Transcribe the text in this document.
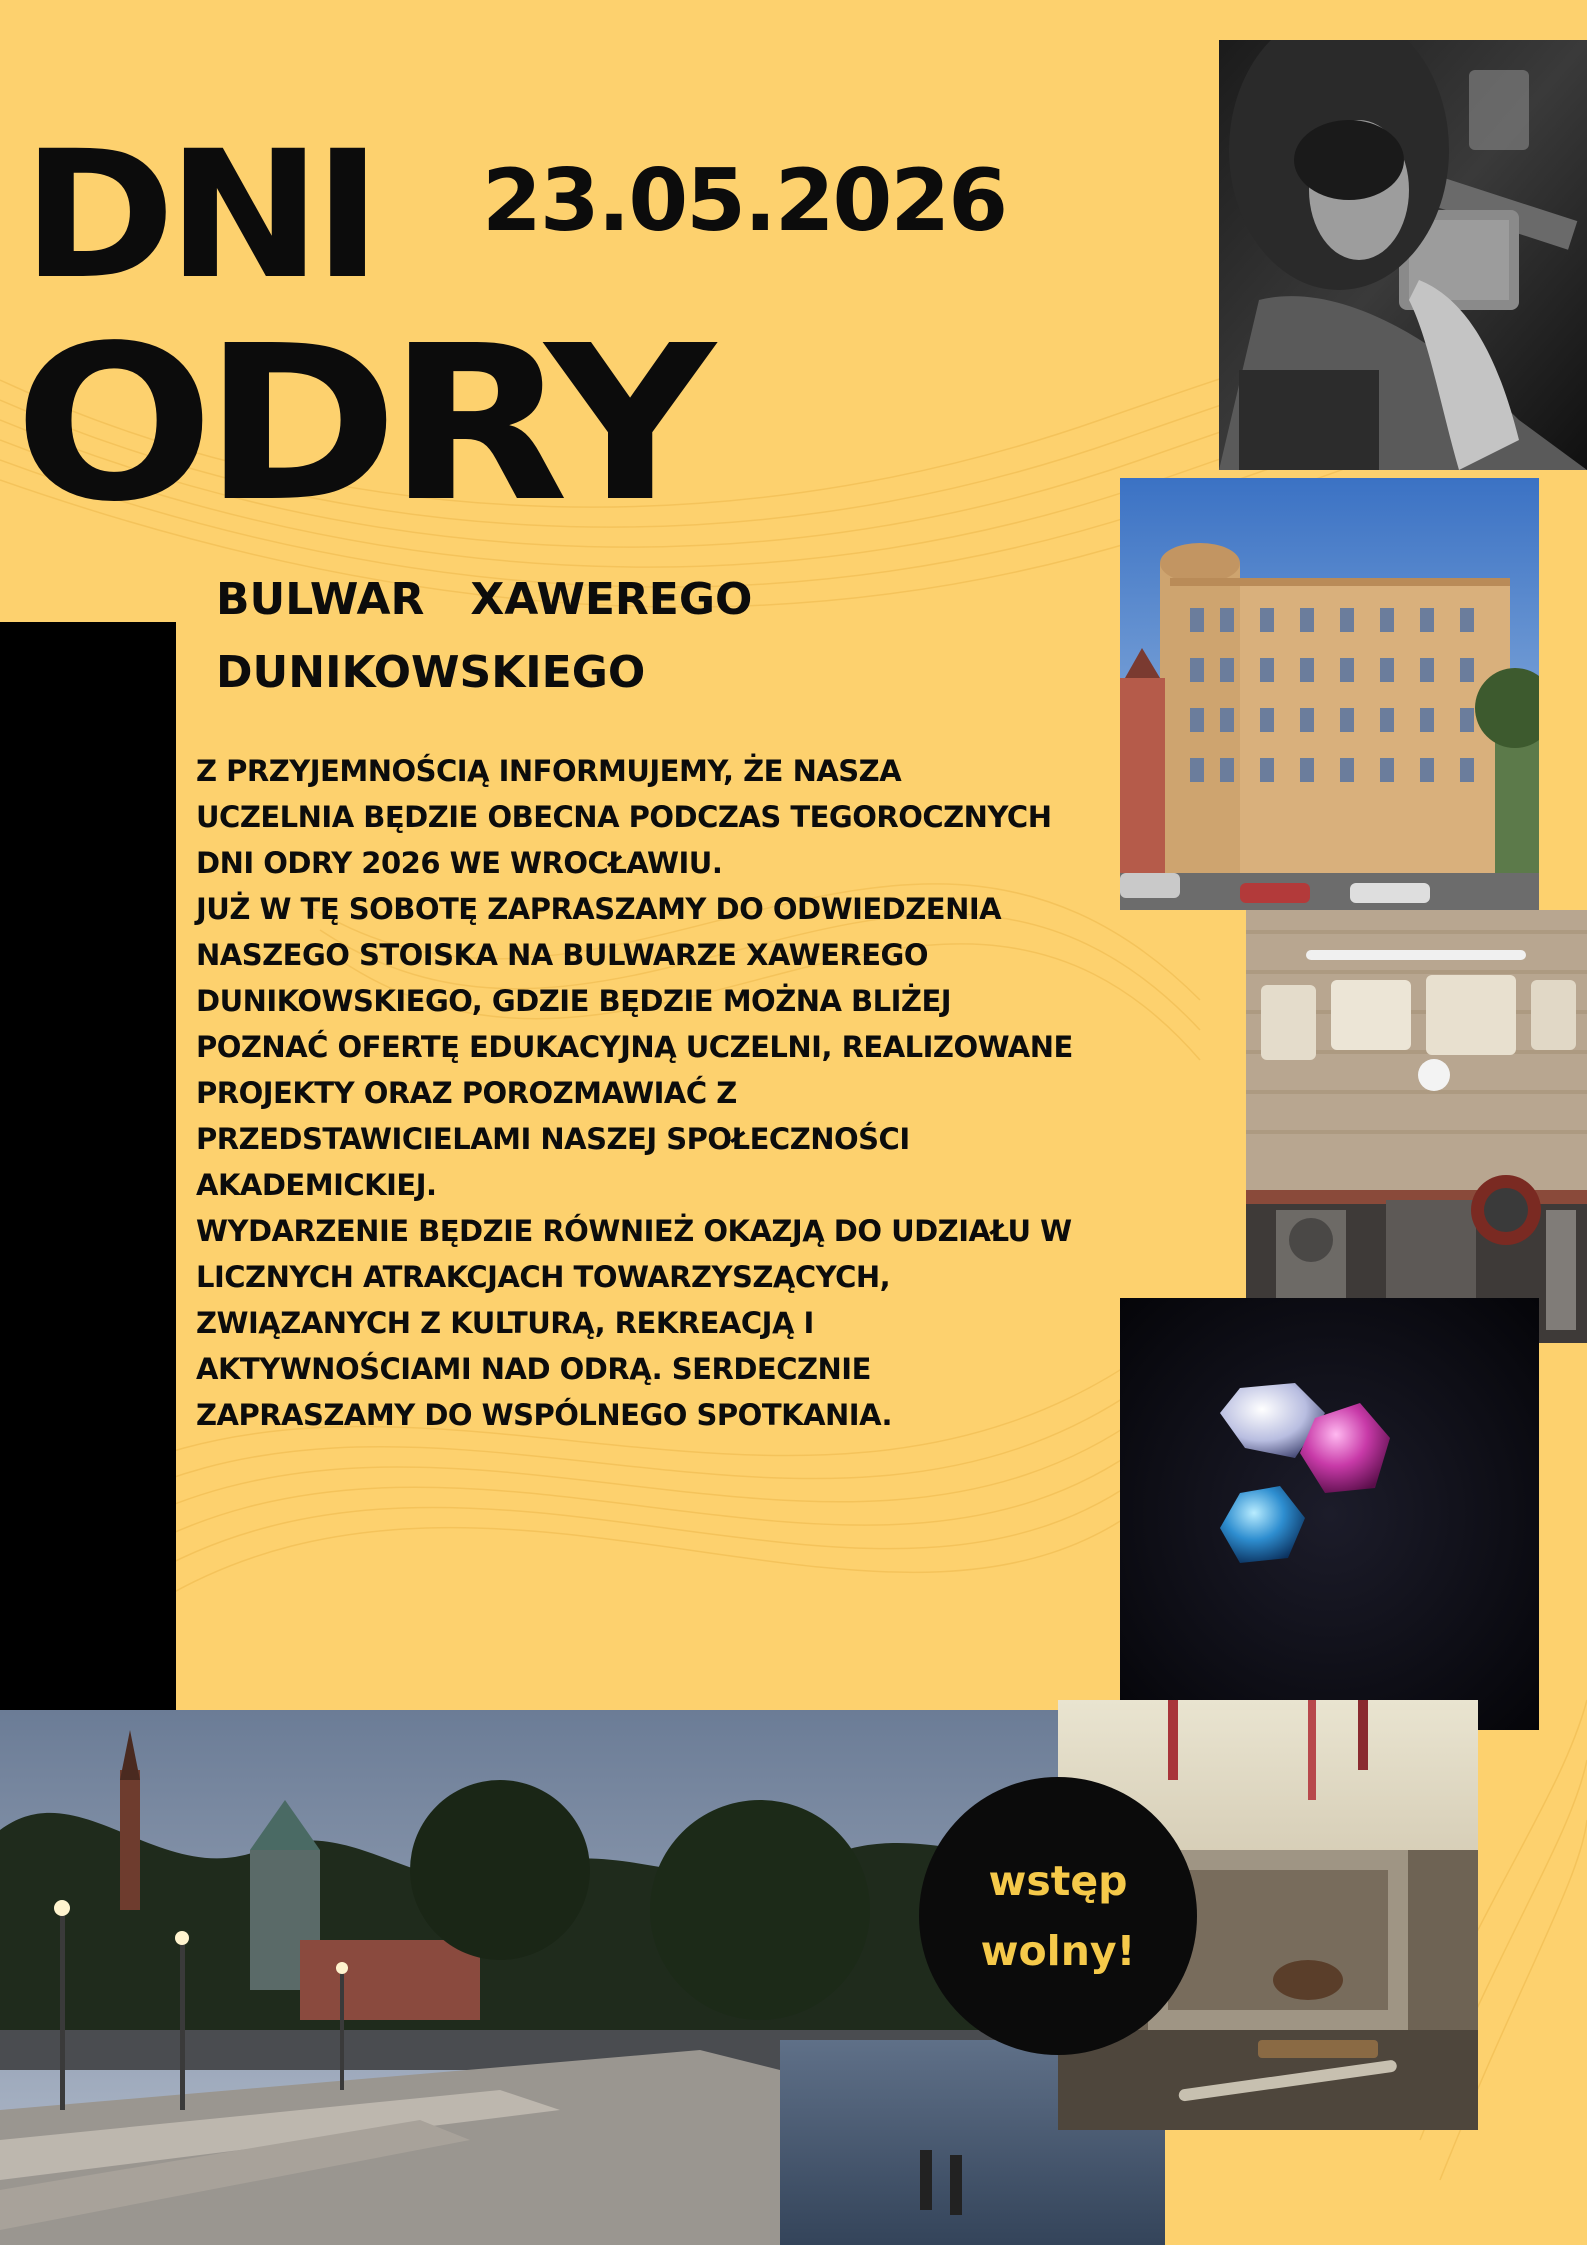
DNI 23.05.2026
ODRY
BULWAR   XAWEREGO
DUNIKOWSKIEGO
Z PRZYJEMNOŚCIĄ INFORMUJEMY, ŻE NASZA
UCZELNIA BĘDZIE OBECNA PODCZAS TEGOROCZNYCH
DNI ODRY 2026 WE WROCŁAWIU.
JUŻ W TĘ SOBOTĘ ZAPRASZAMY DO ODWIEDZENIA
NASZEGO STOISKA NA BULWARZE XAWEREGO
DUNIKOWSKIEGO, GDZIE BĘDZIE MOŻNA BLIŻEJ
POZNAĆ OFERTĘ EDUKACYJNĄ UCZELNI, REALIZOWANE
PROJEKTY ORAZ POROZMAWIAĆ Z
PRZEDSTAWICIELAMI NASZEJ SPOŁECZNOŚCI
AKADEMICKIEJ.
WYDARZENIE BĘDZIE RÓWNIEŻ OKAZJĄ DO UDZIAŁU W
LICZNYCH ATRAKCJACH TOWARZYSZĄCYCH,
ZWIĄZANYCH Z KULTURĄ, REKREACJĄ I
AKTYWNOŚCIAMI NAD ODRĄ. SERDECZNIE
ZAPRASZAMY DO WSPÓLNEGO SPOTKANIA.
wstęp
wolny!
